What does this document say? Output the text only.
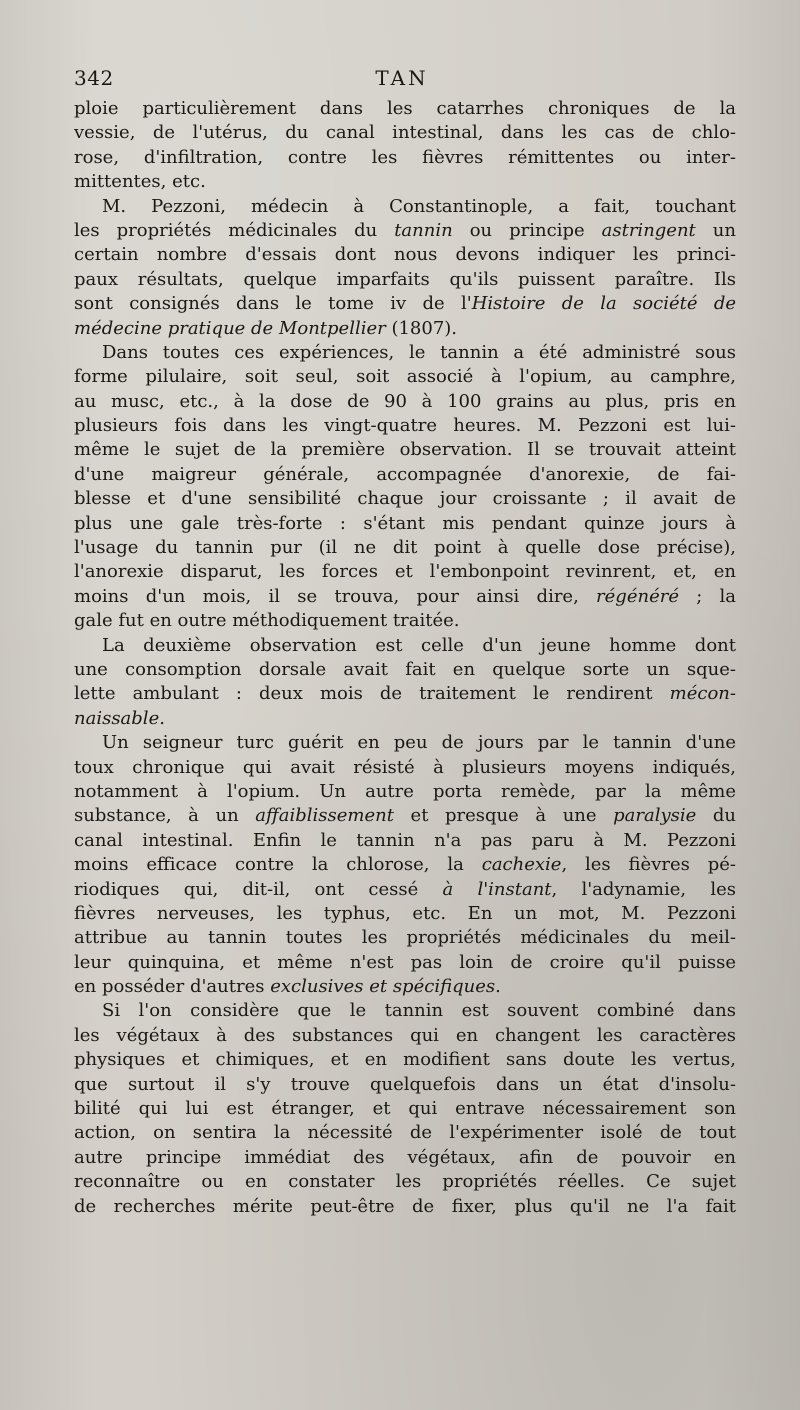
342	TAN
ploie particulièrement dans les catarrhes chroniques de la
vessie, de l'utérus, du canal intestinal, dans les cas de chlo-
rose, d'infiltration, contre les fièvres rémittentes ou inter-
mittentes, etc.
M. Pezzoni, médecin à Constantinople, a fait, touchant
les propriétés médicinales du tannin ou principe astringent un
certain nombre d'essais dont nous devons indiquer les princi-
paux résultats, quelque imparfaits qu'ils puissent paraître. Ils
sont consignés dans le tome iv de l'Histoire de la société de
médecine pratique de Montpellier (1807).
Dans toutes ces expériences, le tannin a été administré sous
forme pilulaire, soit seul, soit associé à l'opium, au camphre,
au musc, etc., à la dose de 90 à 100 grains au plus, pris en
plusieurs fois dans les vingt-quatre heures. M. Pezzoni est lui-
même le sujet de la première observation. Il se trouvait atteint
d'une maigreur générale, accompagnée d'anorexie, de fai-
blesse et d'une sensibilité chaque jour croissante ; il avait de
plus une gale très-forte : s'étant mis pendant quinze jours à
l'usage du tannin pur (il ne dit point à quelle dose précise),
l'anorexie disparut, les forces et l'embonpoint revinrent, et, en
moins d'un mois, il se trouva, pour ainsi dire, régénéré ; la
gale fut en outre méthodiquement traitée.
La deuxième observation est celle d'un jeune homme dont
une consomption dorsale avait fait en quelque sorte un sque-
lette ambulant : deux mois de traitement le rendirent mécon-
naissable.
Un seigneur turc guérit en peu de jours par le tannin d'une
toux chronique qui avait résisté à plusieurs moyens indiqués,
notamment à l'opium. Un autre porta remède, par la même
substance, à un affaiblissement et presque à une paralysie du
canal intestinal. Enfin le tannin n'a pas paru à M. Pezzoni
moins efficace contre la chlorose, la cachexie, les fièvres pé-
riodiques qui, dit-il, ont cessé à l'instant, l'adynamie, les
fièvres nerveuses, les typhus, etc. En un mot, M. Pezzoni
attribue au tannin toutes les propriétés médicinales du meil-
leur quinquina, et même n'est pas loin de croire qu'il puisse
en posséder d'autres exclusives et spécifiques.
Si l'on considère que le tannin est souvent combiné dans
les végétaux à des substances qui en changent les caractères
physiques et chimiques, et en modifient sans doute les vertus,
que surtout il s'y trouve quelquefois dans un état d'insolu-
bilité qui lui est étranger, et qui entrave nécessairement son
action, on sentira la nécessité de l'expérimenter isolé de tout
autre principe immédiat des végétaux, afin de pouvoir en
reconnaître ou en constater les propriétés réelles. Ce sujet
de recherches mérite peut-être de fixer, plus qu'il ne l'a fait
